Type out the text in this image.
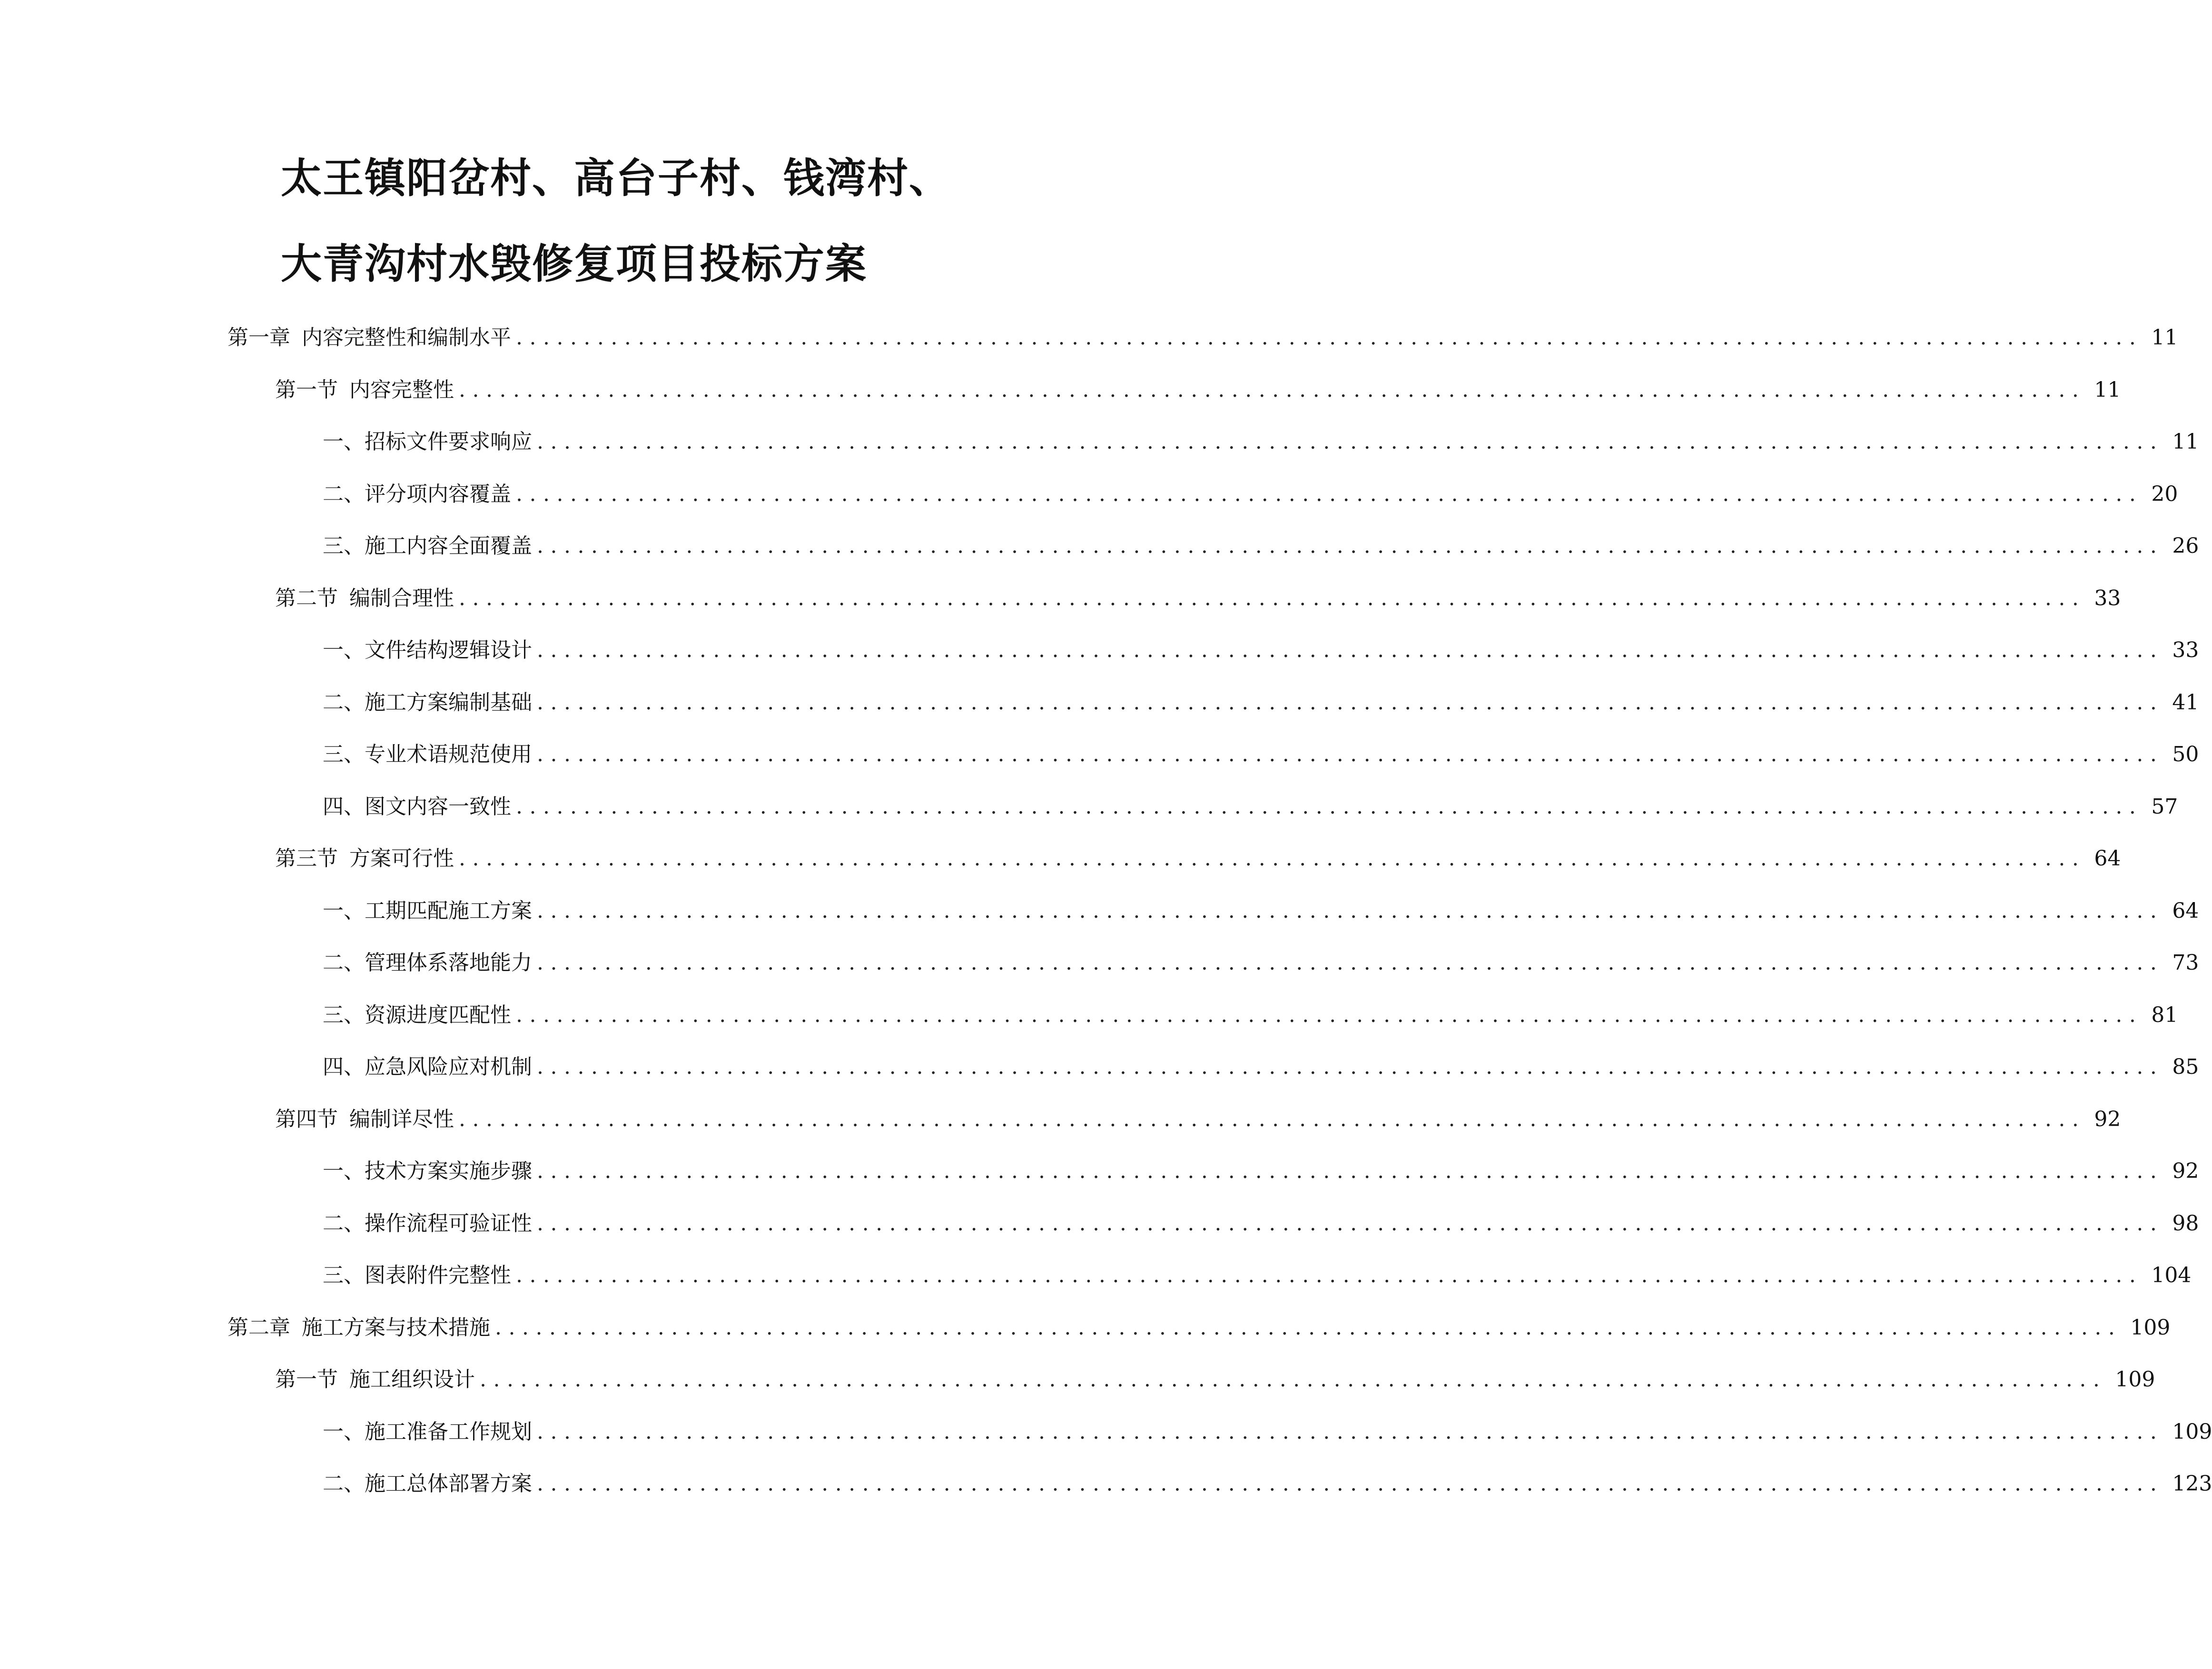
太王镇阳岔村、高台子村、钱湾村、
大青沟村水毁修复项目投标方案
第一章 内容完整性和编制水平 ........................................................................................................................ 11
第一节 内容完整性 ........................................................................................................................ 11
一、 招标文件要求响应 ........................................................................................................................ 11
二、 评分项内容覆盖 ........................................................................................................................ 20
三、 施工内容全面覆盖 ........................................................................................................................ 26
第二节 编制合理性 ........................................................................................................................ 33
一、 文件结构逻辑设计 ........................................................................................................................ 33
二、 施工方案编制基础 ........................................................................................................................ 41
三、 专业术语规范使用 ........................................................................................................................ 50
四、 图文内容一致性 ........................................................................................................................ 57
第三节 方案可行性 ........................................................................................................................ 64
一、 工期匹配施工方案 ........................................................................................................................ 64
二、 管理体系落地能力 ........................................................................................................................ 73
三、 资源进度匹配性 ........................................................................................................................ 81
四、 应急风险应对机制 ........................................................................................................................ 85
第四节 编制详尽性 ........................................................................................................................ 92
一、 技术方案实施步骤 ........................................................................................................................ 92
二、 操作流程可验证性 ........................................................................................................................ 98
三、 图表附件完整性 ........................................................................................................................ 104
第二章 施工方案与技术措施 ........................................................................................................................ 109
第一节 施工组织设计 ........................................................................................................................ 109
一、 施工准备工作规划 ........................................................................................................................ 109
二、 施工总体部署方案 ........................................................................................................................ 123
